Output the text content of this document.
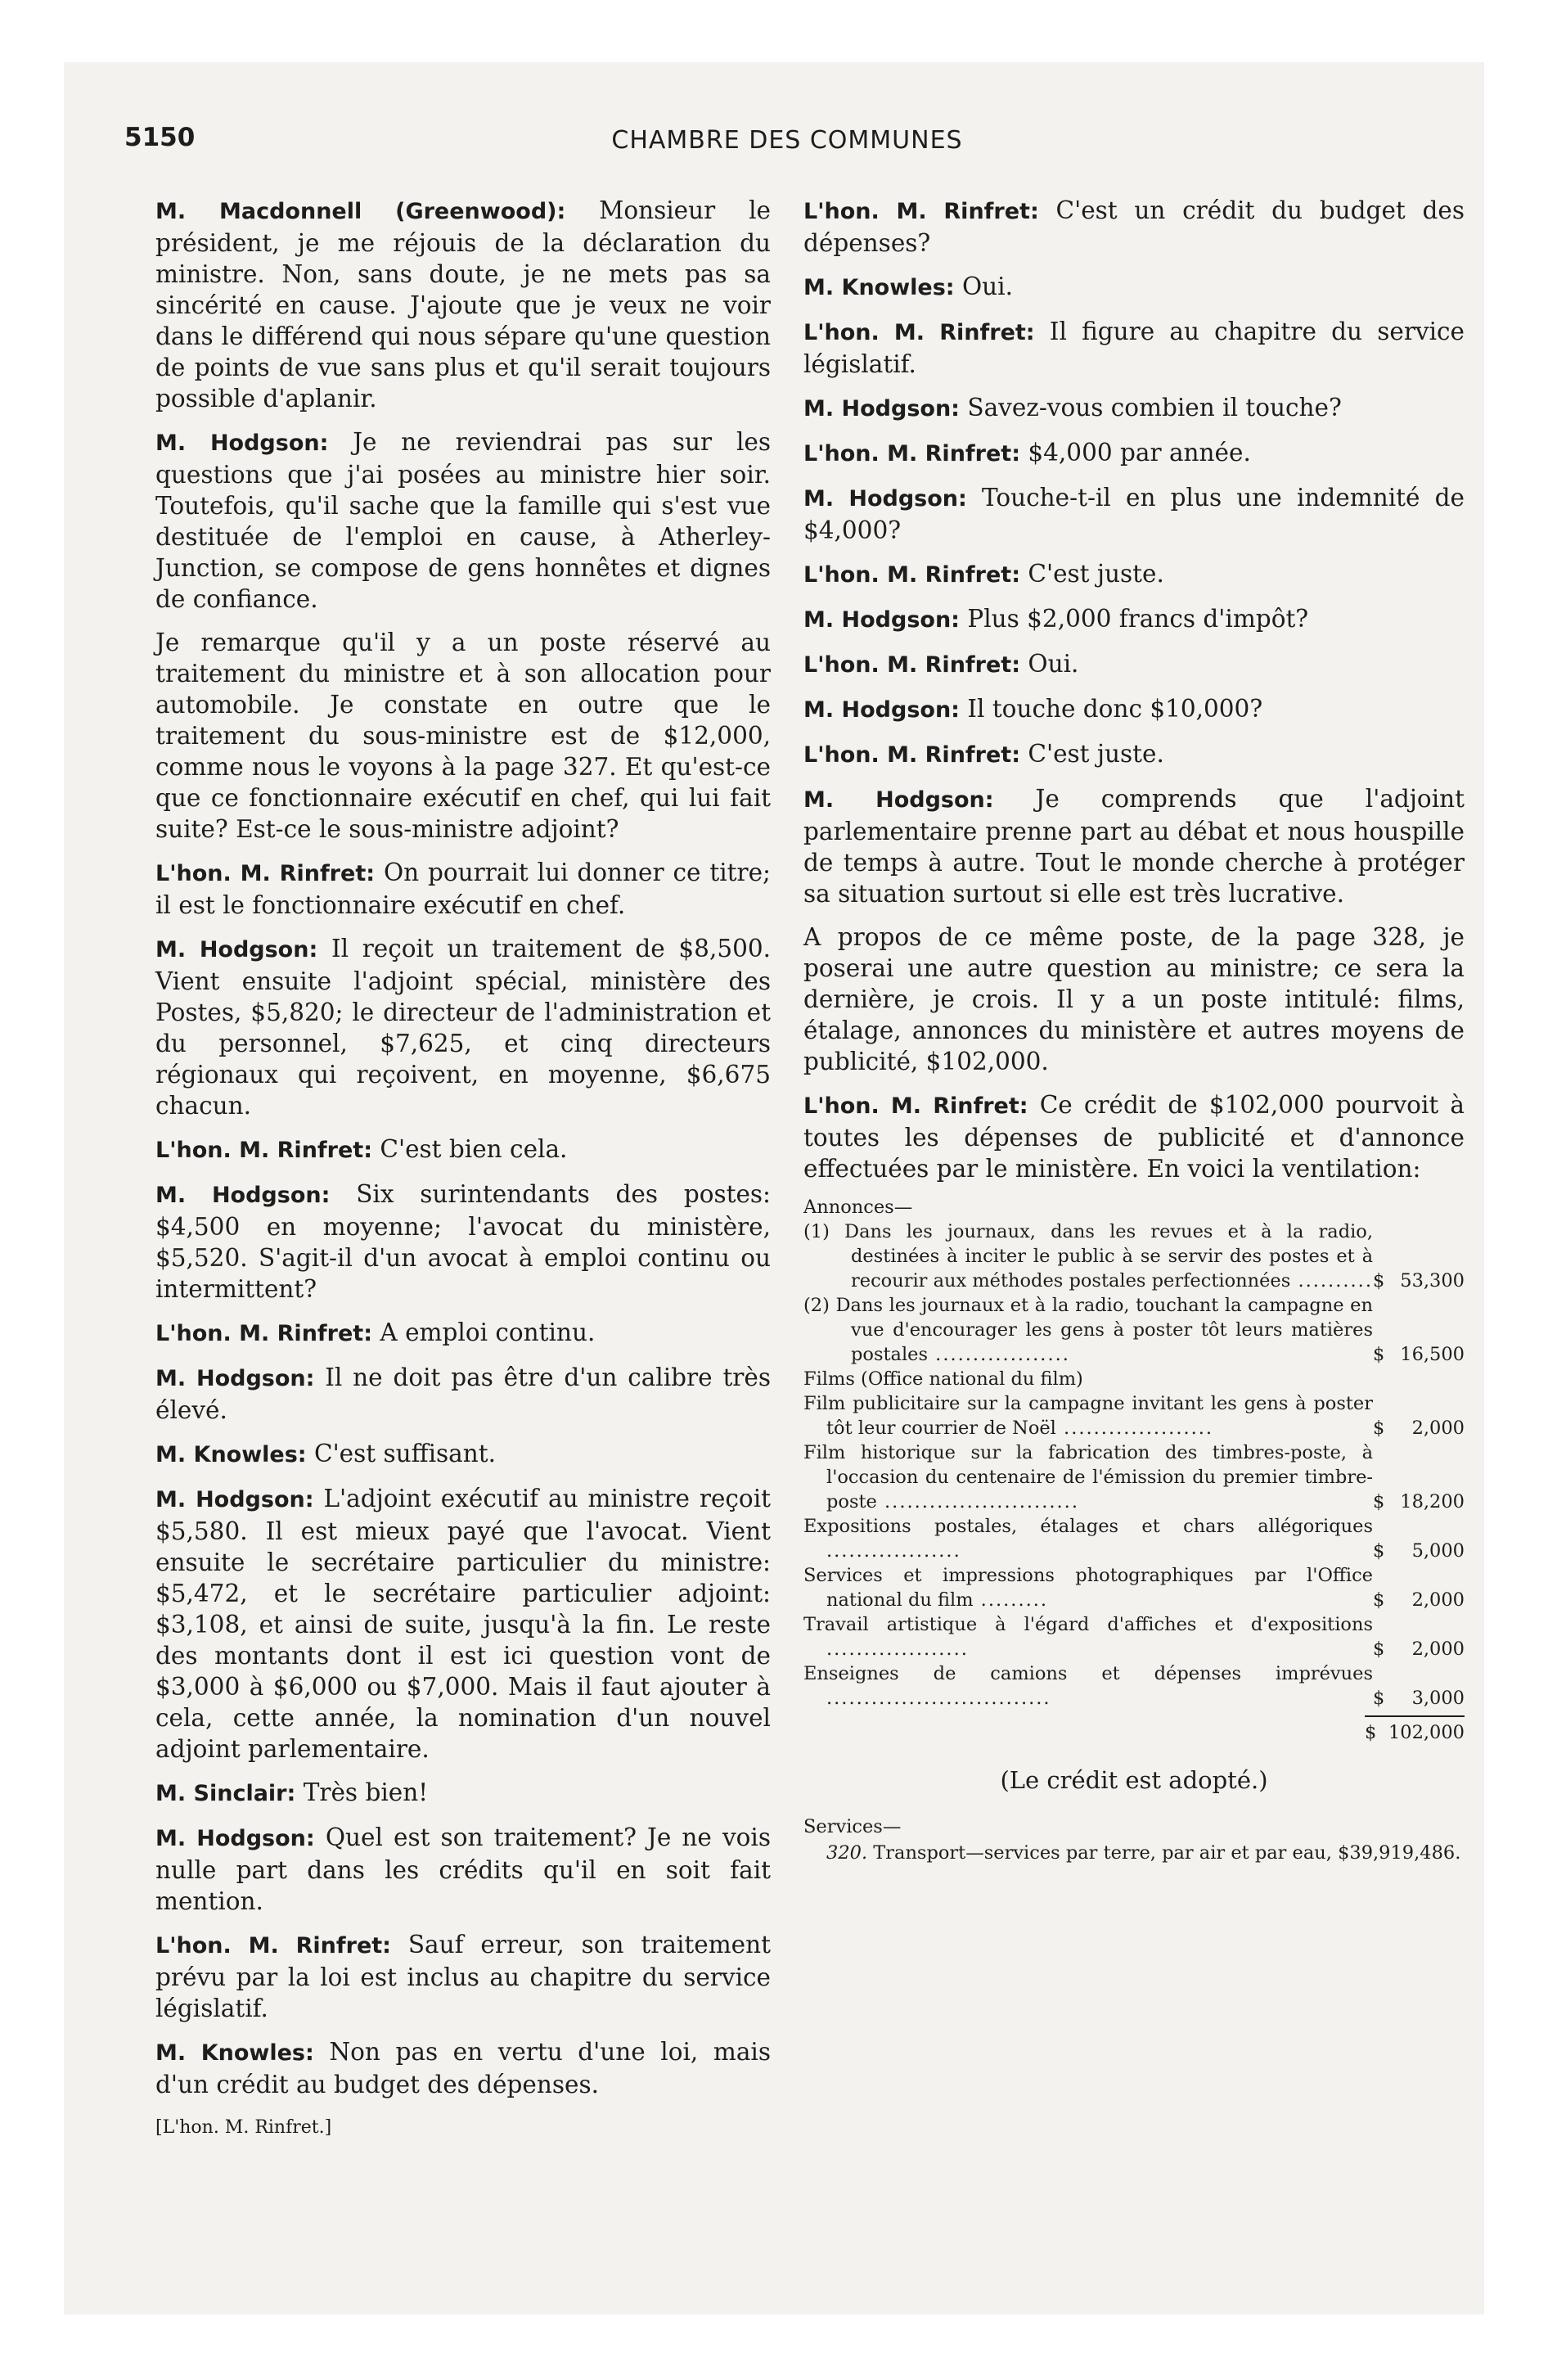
5150	CHAMBRE DES COMMUNES

M. Macdonnell (Greenwood): Monsieur le président, je me réjouis de la déclaration du ministre. Non, sans doute, je ne mets pas sa sincérité en cause. J'ajoute que je veux ne voir dans le différend qui nous sépare qu'une question de points de vue sans plus et qu'il serait toujours possible d'aplanir.

M. Hodgson: Je ne reviendrai pas sur les questions que j'ai posées au ministre hier soir. Toutefois, qu'il sache que la famille qui s'est vue destituée de l'emploi en cause, à Atherley-Junction, se compose de gens honnêtes et dignes de confiance.

Je remarque qu'il y a un poste réservé au traitement du ministre et à son allocation pour automobile. Je constate en outre que le traitement du sous-ministre est de $12,000, comme nous le voyons à la page 327. Et qu'est-ce que ce fonctionnaire exécutif en chef, qui lui fait suite? Est-ce le sous-ministre adjoint?

L'hon. M. Rinfret: On pourrait lui donner ce titre; il est le fonctionnaire exécutif en chef.

M. Hodgson: Il reçoit un traitement de $8,500. Vient ensuite l'adjoint spécial, ministère des Postes, $5,820; le directeur de l'administration et du personnel, $7,625, et cinq directeurs régionaux qui reçoivent, en moyenne, $6,675 chacun.

L'hon. M. Rinfret: C'est bien cela.

M. Hodgson: Six surintendants des postes: $4,500 en moyenne; l'avocat du ministère, $5,520. S'agit-il d'un avocat à emploi continu ou intermittent?

L'hon. M. Rinfret: A emploi continu.

M. Hodgson: Il ne doit pas être d'un calibre très élevé.

M. Knowles: C'est suffisant.

M. Hodgson: L'adjoint exécutif au ministre reçoit $5,580. Il est mieux payé que l'avocat. Vient ensuite le secrétaire particulier du ministre: $5,472, et le secrétaire particulier adjoint: $3,108, et ainsi de suite, jusqu'à la fin. Le reste des montants dont il est ici question vont de $3,000 à $6,000 ou $7,000. Mais il faut ajouter à cela, cette année, la nomination d'un nouvel adjoint parlementaire.

M. Sinclair: Très bien!

M. Hodgson: Quel est son traitement? Je ne vois nulle part dans les crédits qu'il en soit fait mention.

L'hon. M. Rinfret: Sauf erreur, son traitement prévu par la loi est inclus au chapitre du service législatif.

M. Knowles: Non pas en vertu d'une loi, mais d'un crédit au budget des dépenses.

[L'hon. M. Rinfret.]

L'hon. M. Rinfret: C'est un crédit du budget des dépenses?

M. Knowles: Oui.

L'hon. M. Rinfret: Il figure au chapitre du service législatif.

M. Hodgson: Savez-vous combien il touche?

L'hon. M. Rinfret: $4,000 par année.

M. Hodgson: Touche-t-il en plus une indemnité de $4,000?

L'hon. M. Rinfret: C'est juste.

M. Hodgson: Plus $2,000 francs d'impôt?

L'hon. M. Rinfret: Oui.

M. Hodgson: Il touche donc $10,000?

L'hon. M. Rinfret: C'est juste.

M. Hodgson: Je comprends que l'adjoint parlementaire prenne part au débat et nous houspille de temps à autre. Tout le monde cherche à protéger sa situation surtout si elle est très lucrative.

A propos de ce même poste, de la page 328, je poserai une autre question au ministre; ce sera la dernière, je crois. Il y a un poste intitulé: films, étalage, annonces du ministère et autres moyens de publicité, $102,000.

L'hon. M. Rinfret: Ce crédit de $102,000 pourvoit à toutes les dépenses de publicité et d'annonce effectuées par le ministère. En voici la ventilation:

Annonces—
(1) Dans les journaux, dans les revues et à la radio, destinées à inciter le public à se servir des postes et à recourir aux méthodes postales perfectionnées .......... $ 53,300
(2) Dans les journaux et à la radio, touchant la campagne en vue d'encourager les gens à poster tôt leurs matières postales ..................	$ 16,500
Films (Office national du film)
Film publicitaire sur la campagne invitant les gens à poster tôt leur courrier de Noël ....................	$	2,000
Film historique sur la fabrication des timbres-poste, à l'occasion du centenaire de l'émission du premier timbre-poste ..........................	$ 18,200
Expositions postales, étalages et chars allégoriques ..................	$	5,000
Services et impressions photographiques par l'Office national du film .........	$	2,000
Travail artistique à l'égard d'affiches et d'expositions ...................	$	2,000
Enseignes de camions et dépenses imprévues ..............................	$	3,000
$ 102,000
(Le crédit est adopté.)
Services—
320. Transport—services par terre, par air et par eau, $39,919,486.
